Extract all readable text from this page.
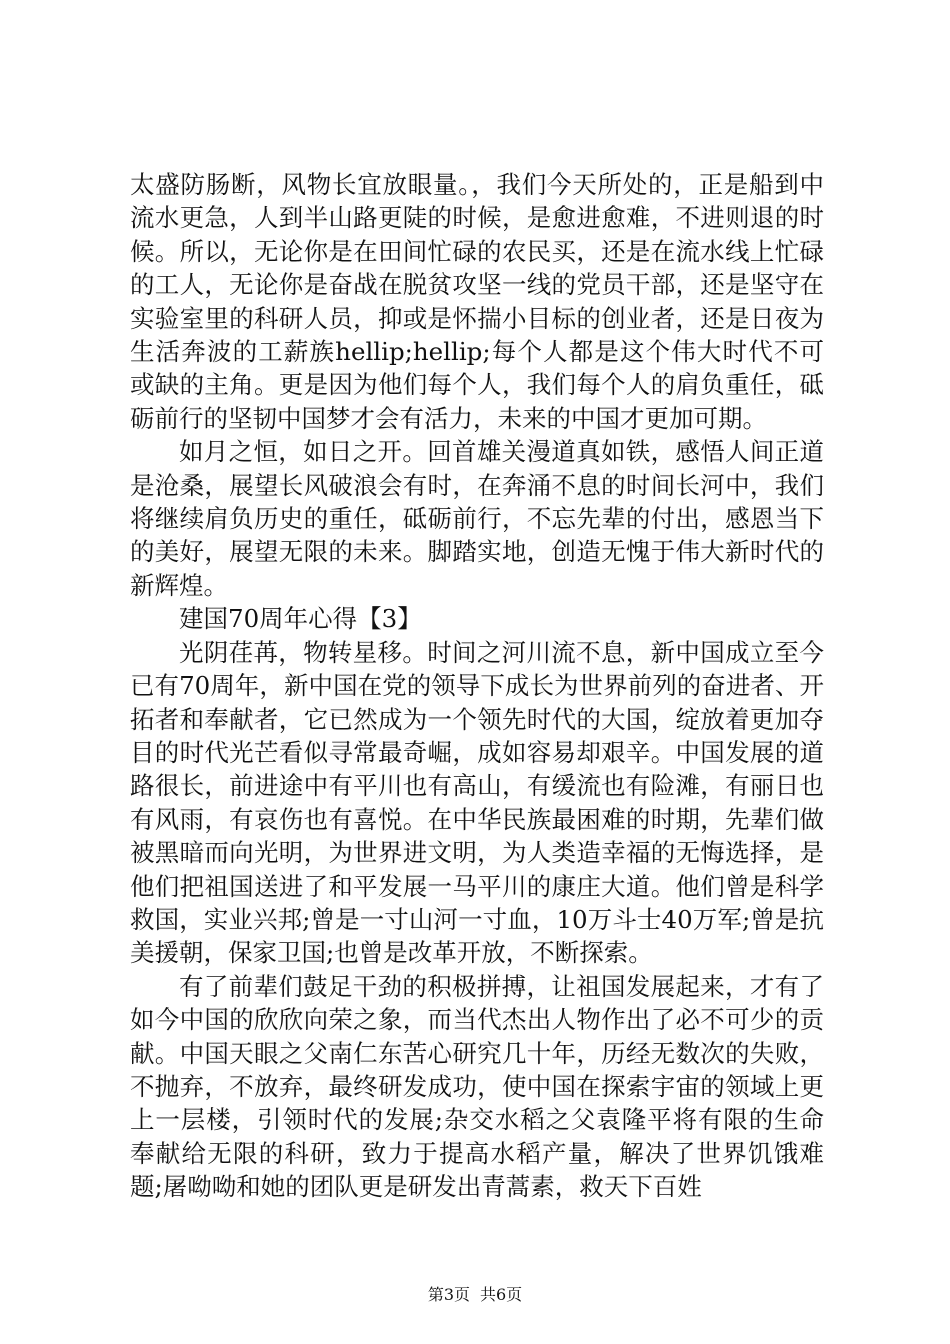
太盛防肠断，风物长宜放眼量。，我们今天所处的，正是船到中流水更急，人到半山路更陡的时候，是愈进愈难，不进则退的时候。所以，无论你是在田间忙碌的农民买，还是在流水线上忙碌的工人，无论你是奋战在脱贫攻坚一线的党员干部，还是坚守在实验室里的科研人员，抑或是怀揣小目标的创业者，还是日夜为生活奔波的工薪族hellip;hellip;每个人都是这个伟大时代不可或缺的主角。更是因为他们每个人，我们每个人的肩负重任，砥砺前行的坚韧中国梦才会有活力，未来的中国才更加可期。

如月之恒，如日之开。回首雄关漫道真如铁，感悟人间正道是沧桑，展望长风破浪会有时，在奔涌不息的时间长河中，我们将继续肩负历史的重任，砥砺前行，不忘先辈的付出，感恩当下的美好，展望无限的未来。脚踏实地，创造无愧于伟大新时代的新辉煌。

建国70周年心得【3】

光阴荏苒，物转星移。时间之河川流不息，新中国成立至今已有70周年，新中国在党的领导下成长为世界前列的奋进者、开拓者和奉献者，它已然成为一个领先时代的大国，绽放着更加夺目的时代光芒看似寻常最奇崛，成如容易却艰辛。中国发展的道路很长，前进途中有平川也有高山，有缓流也有险滩，有丽日也有风雨，有哀伤也有喜悦。在中华民族最困难的时期，先辈们做被黑暗而向光明，为世界进文明，为人类造幸福的无悔选择，是他们把祖国送进了和平发展一马平川的康庄大道。他们曾是科学救国，实业兴邦;曾是一寸山河一寸血，10万斗士40万军;曾是抗美援朝，保家卫国;也曾是改革开放，不断探索。

有了前辈们鼓足干劲的积极拼搏，让祖国发展起来，才有了如今中国的欣欣向荣之象，而当代杰出人物作出了必不可少的贡献。中国天眼之父南仁东苦心研究几十年，历经无数次的失败，不抛弃，不放弃，最终研发成功，使中国在探索宇宙的领域上更上一层楼，引领时代的发展;杂交水稻之父袁隆平将有限的生命奉献给无限的科研，致力于提高水稻产量，解决了世界饥饿难题;屠呦呦和她的团队更是研发出青蒿素，救天下百姓

第3页 共6页
